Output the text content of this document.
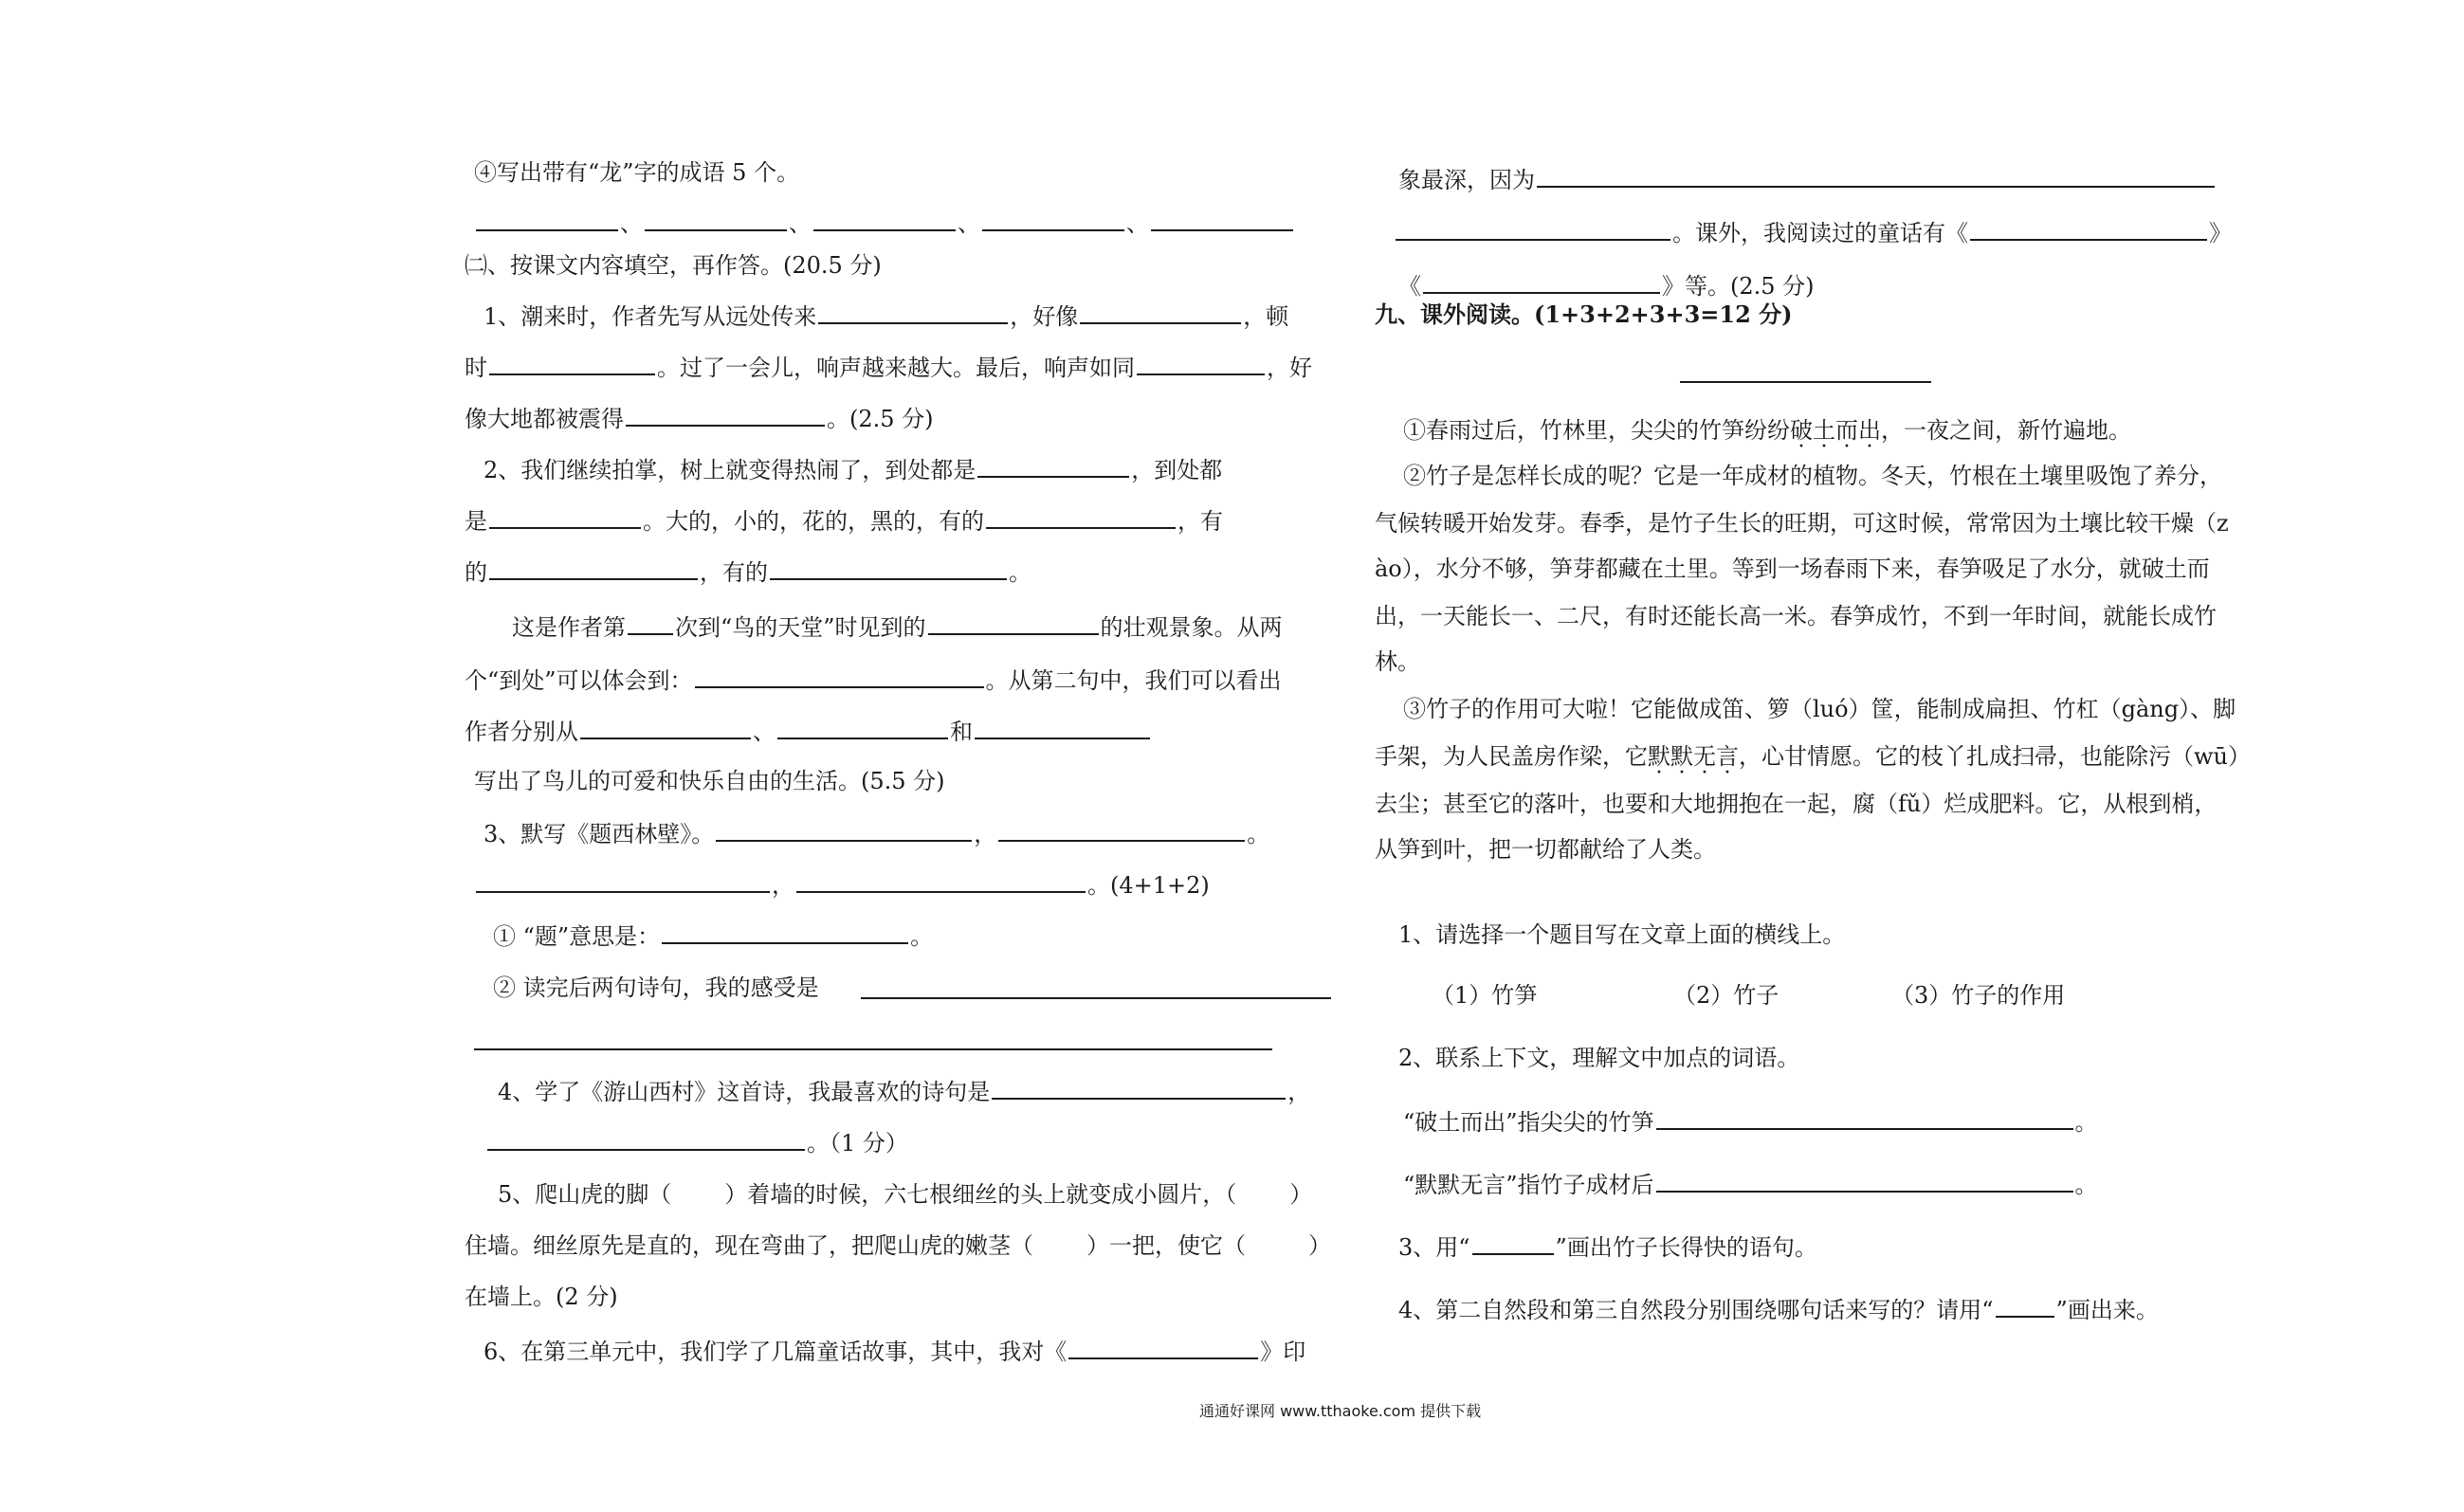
④写出带有“龙”字的成语 5 个。
、	、	、	、
㈡、按课文内容填空，再作答。(20.5 分)
1、潮来时，作者先写从远处传来	，好像	，顿
时	。过了一会儿，响声越来越大。最后，响声如同	，好
像大地都被震得	。(2.5 分)
2、我们继续拍掌，树上就变得热闹了，到处都是	，到处都
是	。大的，小的，花的，黑的，有的	，有
的	，有的	。
这是作者第 次到“鸟的天堂”时见到的	的壮观景象。从两
个“到处”可以体会到：	。从第二句中，我们可以看出
作者分别从	、	和
写出了鸟儿的可爱和快乐自由的生活。(5.5 分)
3、默写《题西林壁》。	，	。
，	。(4+1+2)
① “题”意思是：	。
② 读完后两句诗句，我的感受是
4、学了《游山西村》这首诗，我最喜欢的诗句是	，
。（1 分）
5、爬山虎的脚（ ）着墙的时候，六七根细丝的头上就变成小圆片，（ ）
住墙。细丝原先是直的，现在弯曲了，把爬山虎的嫩茎（ ）一把，使它（	）
在墙上。(2 分)
6、在第三单元中，我们学了几篇童话故事，其中，我对《	》印
象最深，因为
。课外，我阅读过的童话有《	》
《	》等。(2.5 分)
九、课外阅读。(1+3+2+3+3=12 分)
①春雨过后，竹林里，尖尖的竹笋纷纷破土而出，一夜之间，新竹遍地。
②竹子是怎样长成的呢？它是一年成材的植物。冬天，竹根在土壤里吸饱了养分，
气候转暖开始发芽。春季，是竹子生长的旺期，可这时候，常常因为土壤比较干燥（z
ào），水分不够，笋芽都藏在土里。等到一场春雨下来，春笋吸足了水分，就破土而
出，一天能长一、二尺，有时还能长高一米。春笋成竹，不到一年时间，就能长成竹
林。
③竹子的作用可大啦！它能做成笛、箩（luó）筐，能制成扁担、竹杠（gàng）、脚
手架，为人民盖房作梁，它默默无言，心甘情愿。它的枝丫扎成扫帚，也能除污（wū）
去尘；甚至它的落叶，也要和大地拥抱在一起，腐（fǔ）烂成肥料。它，从根到梢，
从笋到叶，把一切都献给了人类。
1、请选择一个题目写在文章上面的横线上。
（1）竹笋	（2）竹子	（3）竹子的作用
2、联系上下文，理解文中加点的词语。
“破土而出”指尖尖的竹笋	。
“默默无言”指竹子成材后	。
3、用“	”画出竹子长得快的语句。
4、第二自然段和第三自然段分别围绕哪句话来写的？请用“	”画出来。
通通好课网 www.tthaoke.com 提供下载
